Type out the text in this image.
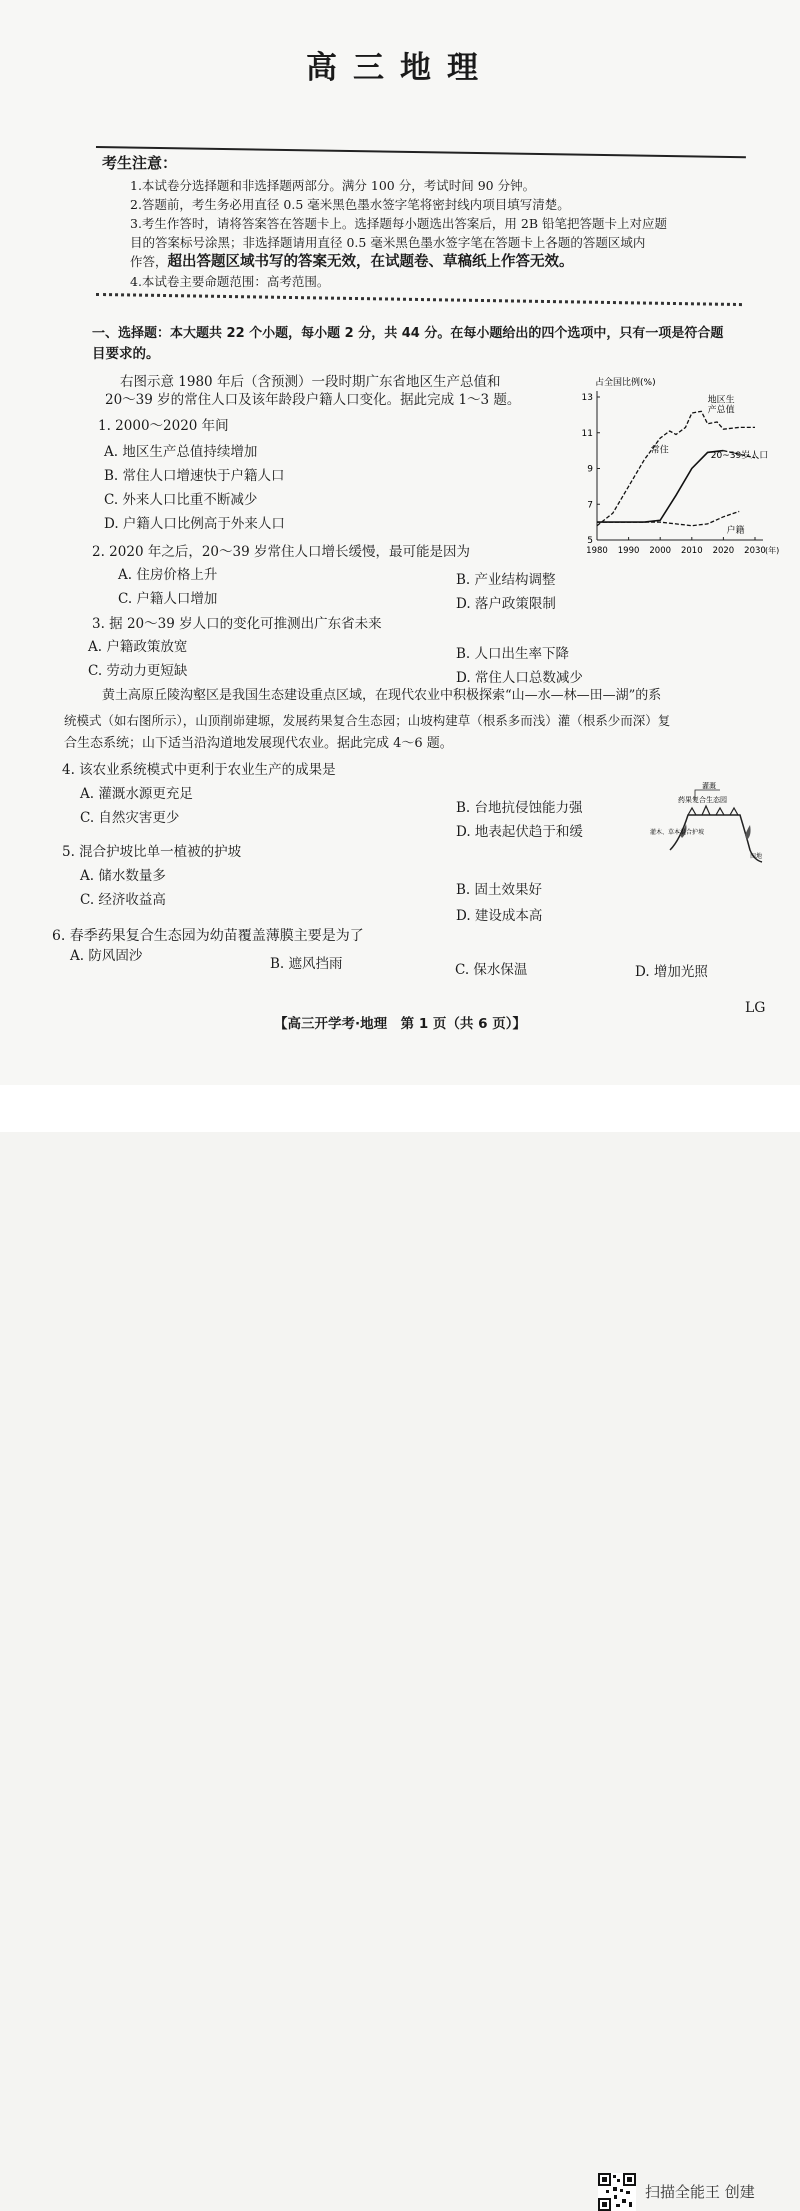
高三地理
考生注意：

1.本试卷分选择题和非选择题两部分。满分 100 分，考试时间 90 分钟。

2.答题前，考生务必用直径 0.5 毫米黑色墨水签字笔将密封线内项目填写清楚。

3.考生作答时，请将答案答在答题卡上。选择题每小题选出答案后，用 2B 铅笔把答题卡上对应题

目的答案标号涂黑；非选择题请用直径 0.5 毫米黑色墨水签字笔在答题卡上各题的答题区域内

作答，超出答题区域书写的答案无效，在试题卷、草稿纸上作答无效。

4.本试卷主要命题范围：高考范围。

一、选择题：本大题共 22 个小题，每小题 2 分，共 44 分。在每小题给出的四个选项中，只有一项是符合题
目要求的。
右图示意 1980 年后（含预测）一段时期广东省地区生产总值和
20～39 岁的常住人口及该年龄段户籍人口变化。据此完成 1～3 题。
1. 2000～2020 年间
A. 地区生产总值持续增加
B. 常住人口增速快于户籍人口
C. 外来人口比重不断减少
D. 户籍人口比例高于外来人口
占全国比例(%)
5
7
9
11
13
1980 1990 2000 2010 2020 2030 (年)
地区生产总值
常住
20~39岁人口
户籍
2. 2020 年之后，20～39 岁常住人口增长缓慢，最可能是因为
A. 住房价格上升	B. 产业结构调整
C. 户籍人口增加	D. 落户政策限制
3. 据 20～39 岁人口的变化可推测出广东省未来
A. 户籍政策放宽	B. 人口出生率下降
C. 劳动力更短缺	D. 常住人口总数减少
黄土高原丘陵沟壑区是我国生态建设重点区域，在现代农业中积极探索“山—水—林—田—湖”的系
统模式（如右图所示），山顶削峁建塬，发展药果复合生态园；山坡构建草（根系多而浅）灌（根系少而深）复
合生态系统；山下适当沿沟道地发展现代农业。据此完成 4～6 题。
4. 该农业系统模式中更利于农业生产的成果是
A. 灌溉水源更充足
B. 台地抗侵蚀能力强
C. 自然灾害更少
D. 地表起伏趋于和缓
灌溉
药果复合生态园
灌木、草本混合护坡
田地
5. 混合护坡比单一植被的护坡
A. 储水数量多
B. 固土效果好
C. 经济收益高
D. 建设成本高
6. 春季药果复合生态园为幼苗覆盖薄膜主要是为了
A. 防风固沙	B. 遮风挡雨	C. 保水保温	D. 增加光照
【高三开学考·地理　第 1 页（共 6 页）】
LG
扫描全能王 创建
